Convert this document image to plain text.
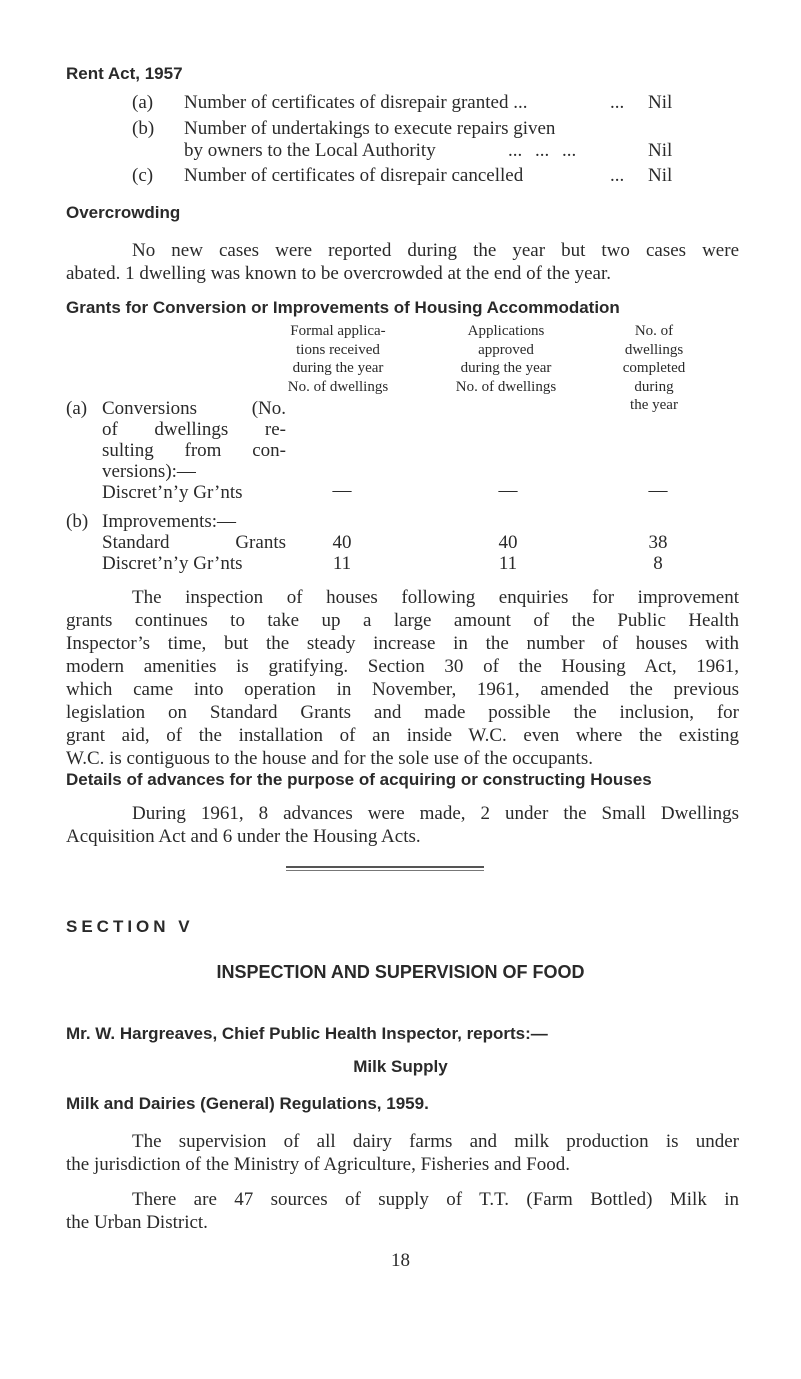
Rent Act, 1957
(a) Number of certificates of disrepair granted ...	... Nil
(b) Number of undertakings to execute repairs given
by owners to the Local Authority	... ... ...	Nil
(c) Number of certificates of disrepair cancelled	... Nil
Overcrowding
No new cases were reported during the year but two cases were
abated. 1 dwelling was known to be overcrowded at the end of the year.
Grants for Conversion or Improvements of Housing Accommodation
Formal applica-
tions received
during the year
No. of dwellings
Applications
approved
during the year
No. of dwellings
No. of
dwellings
completed
during
the year
(a) Conversions (No.
of dwellings re-
sulting from con-
versions):—
Discret’n’y Gr’nts	—	—	—
(b) Improvements:—
Standard Grants	40	40	38
Discret’n’y Gr’nts	11	11	8
The inspection of houses following enquiries for improvement
grants continues to take up a large amount of the Public Health
Inspector’s time, but the steady increase in the number of houses with
modern amenities is gratifying. Section 30 of the Housing Act, 1961,
which came into operation in November, 1961, amended the previous
legislation on Standard Grants and made possible the inclusion, for
grant aid, of the installation of an inside W.C. even where the existing
W.C. is contiguous to the house and for the sole use of the occupants.
Details of advances for the purpose of acquiring or constructing Houses
During 1961, 8 advances were made, 2 under the Small Dwellings
Acquisition Act and 6 under the Housing Acts.
SECTION V
INSPECTION AND SUPERVISION OF FOOD
Mr. W. Hargreaves, Chief Public Health Inspector, reports:—
Milk Supply
Milk and Dairies (General) Regulations, 1959.
The supervision of all dairy farms and milk production is under
the jurisdiction of the Ministry of Agriculture, Fisheries and Food.
There are 47 sources of supply of T.T. (Farm Bottled) Milk in
the Urban District.
18
